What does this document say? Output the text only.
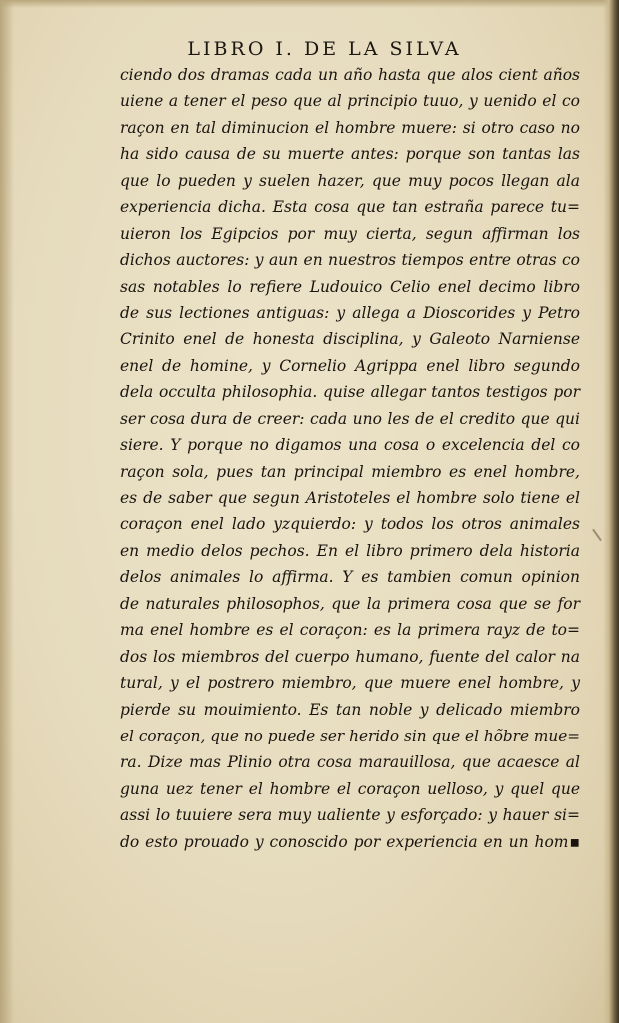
LIBRO I. DE LA SILVA
ciendo dos dramas cada un año hasta que alos cient años
uiene a tener el peso que al principio tuuo, y uenido el co
raçon en tal diminucion el hombre muere: si otro caso no
ha sido causa de su muerte antes: porque son tantas las
que lo pueden y suelen hazer, que muy pocos llegan ala
experiencia dicha. Esta cosa que tan estraña parece tu=
uieron los Egipcios por muy cierta, segun affirman los
dichos auctores: y aun en nuestros tiempos entre otras co
sas notables lo refiere Ludouico Celio enel decimo libro
de sus lectiones antiguas: y allega a Dioscorides y Petro
Crinito enel de honesta disciplina, y Galeoto Narniense
enel de homine, y Cornelio Agrippa enel libro segundo
dela occulta philosophia. quise allegar tantos testigos por
ser cosa dura de creer: cada uno les de el credito que qui
siere. Y porque no digamos una cosa o excelencia del co
raçon sola, pues tan principal miembro es enel hombre,
es de saber que segun Aristoteles el hombre solo tiene el
coraçon enel lado yzquierdo: y todos los otros animales
en medio delos pechos. En el libro primero dela historia
delos animales lo affirma. Y es tambien comun opinion
de naturales philosophos, que la primera cosa que se for
ma enel hombre es el coraçon: es la primera rayz de to=
dos los miembros del cuerpo humano, fuente del calor na
tural, y el postrero miembro, que muere enel hombre, y
pierde su mouimiento. Es tan noble y delicado miembro
el coraçon, que no puede ser herido sin que el hõbre mue=
ra. Dize mas Plinio otra cosa marauillosa, que acaesce al
guna uez tener el hombre el coraçon uelloso, y quel que
assi lo tuuiere sera muy ualiente y esforçado: y hauer si=
do esto prouado y conoscido por experiencia en un hom▪
